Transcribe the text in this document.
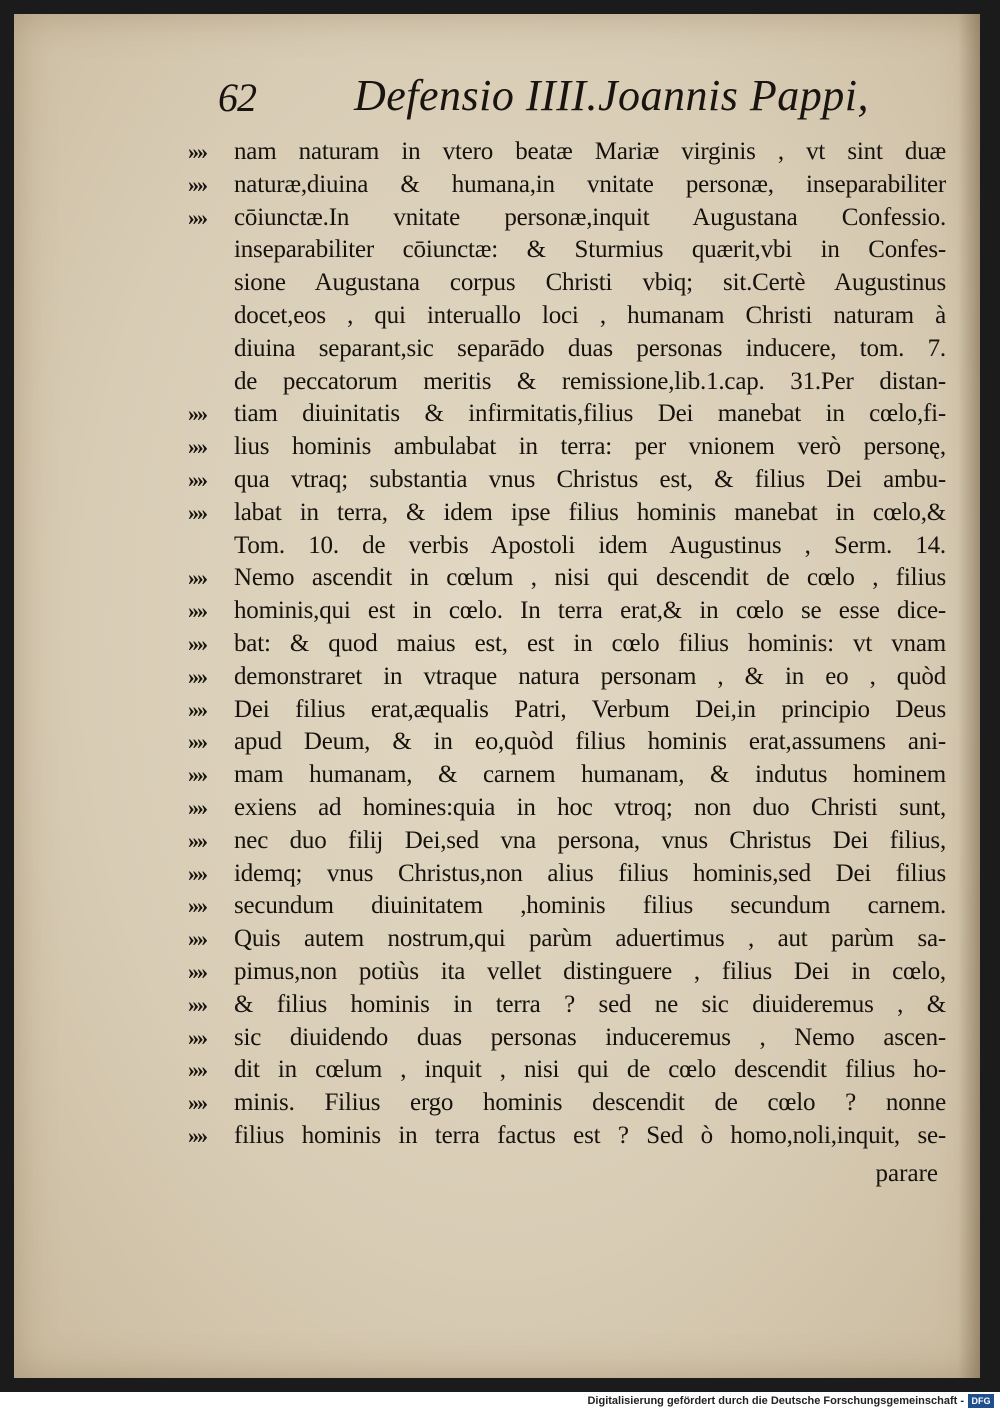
62 Defensio IIII.Joannis Pappi,
»»	nam naturam in vtero beatæ Mariæ virginis , vt sint duæ
»»	naturæ,diuina & humana,in vnitate personæ, inseparabiliter
»»	cōiunctæ.In vnitate personæ,inquit Augustana Confessio.
inseparabiliter cōiunctæ: & Sturmius quærit,vbi in Confes-
sione Augustana corpus Christi vbiq; sit.Certè Augustinus
docet,eos , qui interuallo loci , humanam Christi naturam à
diuina separant,sic separādo duas personas inducere, tom. 7.
de peccatorum meritis & remissione,lib.1.cap. 31.Per distan-
»»	tiam diuinitatis & infirmitatis,filius Dei manebat in cœlo,fi-
»»	lius hominis ambulabat in terra: per vnionem verò personę,
»»	qua vtraq; substantia vnus Christus est, & filius Dei ambu-
»»	labat in terra, & idem ipse filius hominis manebat in cœlo,&
Tom. 10. de verbis Apostoli idem Augustinus , Serm. 14.
»»	Nemo ascendit in cœlum , nisi qui descendit de cœlo , filius
»»	hominis,qui est in cœlo. In terra erat,& in cœlo se esse dice-
»»	bat: & quod maius est, est in cœlo filius hominis: vt vnam
»»	demonstraret in vtraque natura personam , & in eo , quòd
»»	Dei filius erat,æqualis Patri, Verbum Dei,in principio Deus
»»	apud Deum, & in eo,quòd filius hominis erat,assumens ani-
»»	mam humanam, & carnem humanam, & indutus hominem
»»	exiens ad homines:quia in hoc vtroq; non duo Christi sunt,
»»	nec duo filij Dei,sed vna persona, vnus Christus Dei filius,
»»	idemq; vnus Christus,non alius filius hominis,sed Dei filius
»»	secundum diuinitatem ,hominis filius secundum carnem.
»»	Quis autem nostrum,qui parùm aduertimus , aut parùm sa-
»»	pimus,non potiùs ita vellet distinguere , filius Dei in cœlo,
»»	& filius hominis in terra ? sed ne sic diuideremus , &
»»	sic diuidendo duas personas induceremus , Nemo ascen-
»»	dit in cœlum , inquit , nisi qui de cœlo descendit filius ho-
»»	minis. Filius ergo hominis descendit de cœlo ? nonne
»»	filius hominis in terra factus est ? Sed ò homo,noli,inquit, se-
parare
Digitalisierung gefördert durch die Deutsche Forschungsgemeinschaft - DFG
